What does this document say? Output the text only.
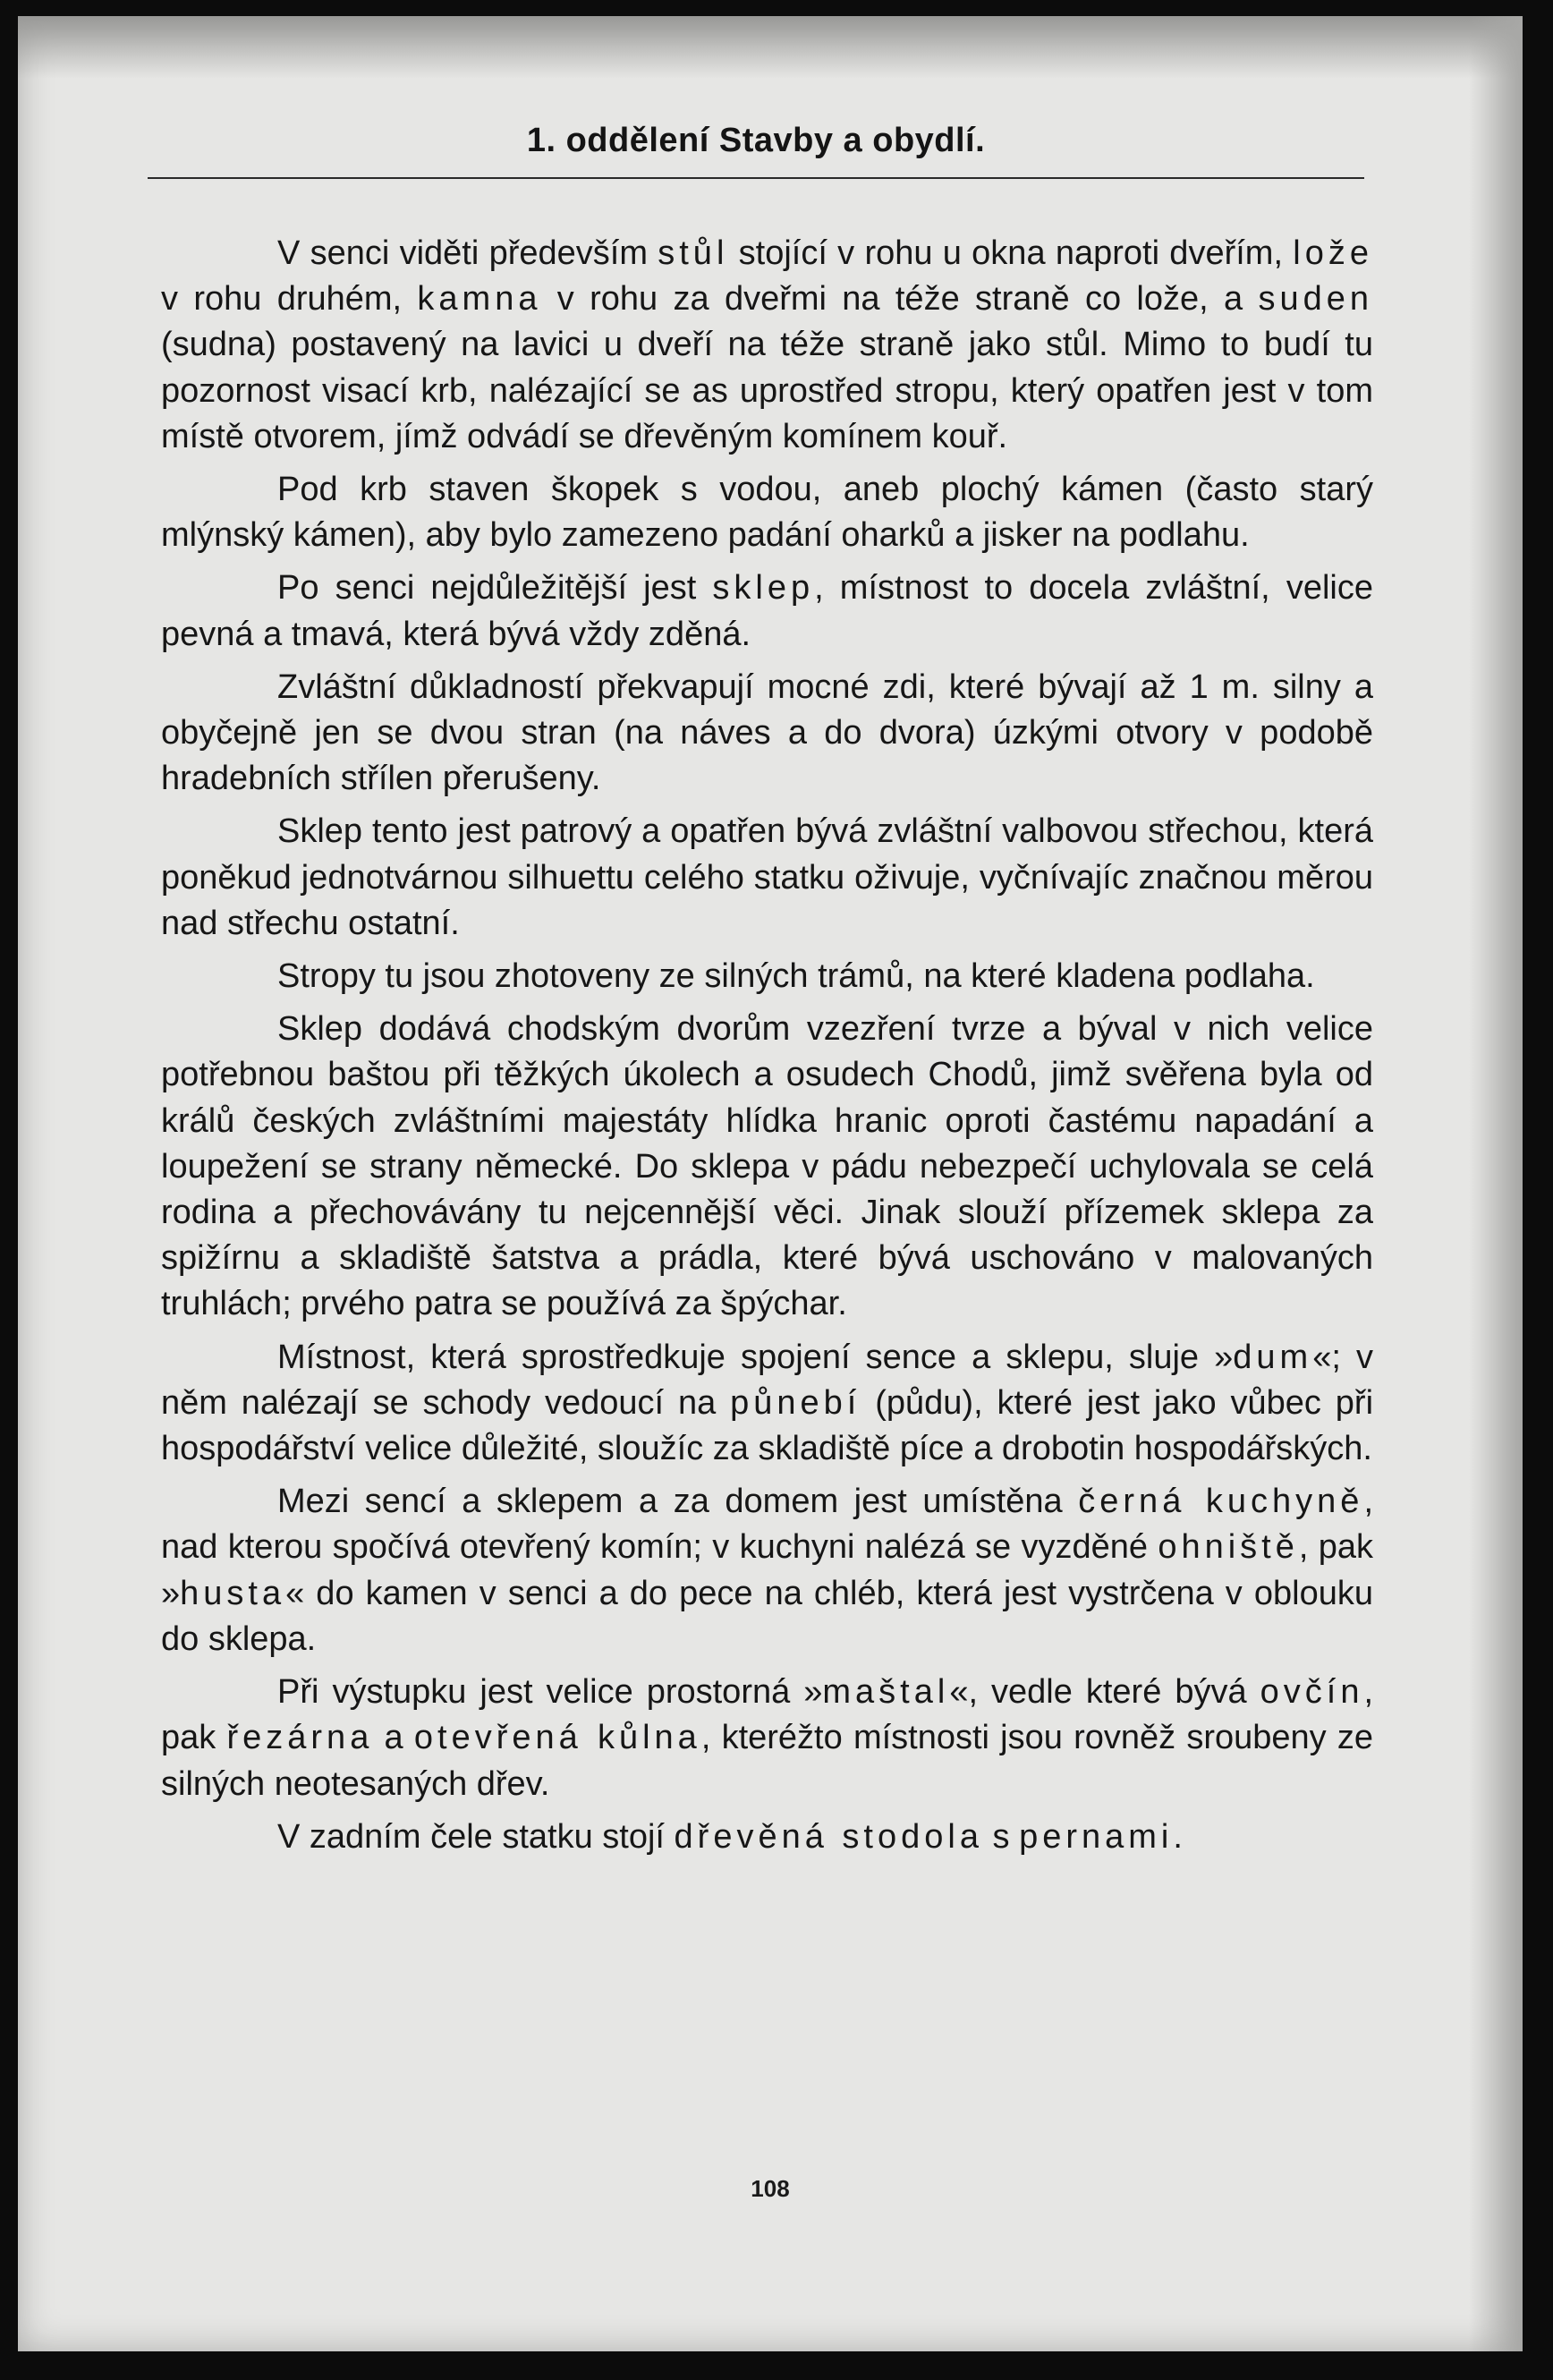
1. oddělení Stavby a obydlí.

V senci viděti především stůl stojící v rohu u okna naproti dveřím, lože v rohu druhém, kamna v rohu za dveřmi na téže straně co lože, a suden (sudna) postavený na lavici u dveří na téže straně jako stůl. Mimo to budí tu pozornost visací krb, nalézající se as uprostřed stropu, který opatřen jest v tom místě otvorem, jímž odvádí se dřevěným komínem kouř.

Pod krb staven škopek s vodou, aneb plochý kámen (často starý mlýnský kámen), aby bylo zamezeno padání oharků a jisker na podlahu.

Po senci nejdůležitější jest sklep, místnost to docela zvláštní, velice pevná a tmavá, která bývá vždy zděná.

Zvláštní důkladností překvapují mocné zdi, které bývají až 1 m. silny a obyčejně jen se dvou stran (na náves a do dvora) úzkými otvory v podobě hradebních střílen přerušeny.

Sklep tento jest patrový a opatřen bývá zvláštní valbovou střechou, která poněkud jednotvárnou silhuettu celého statku oživuje, vyčnívajíc značnou měrou nad střechu ostatní.

Stropy tu jsou zhotoveny ze silných trámů, na které kladena podlaha.

Sklep dodává chodským dvorům vzezření tvrze a býval v nich velice potřebnou baštou při těžkých úkolech a osudech Chodů, jimž svěřena byla od králů českých zvláštními majestáty hlídka hranic oproti častému napadání a loupežení se strany německé. Do sklepa v pádu nebezpečí uchylovala se celá rodina a přechovávány tu nejcennější věci. Jinak slouží přízemek sklepa za spižírnu a skladiště šatstva a prádla, které bývá uschováno v malovaných truhlách; prvého patra se používá za špýchar.

Místnost, která sprostředkuje spojení sence a sklepu, sluje »dum«; v něm nalézají se schody vedoucí na půnebí (půdu), které jest jako vůbec při hospodářství velice důležité, sloužíc za skladiště píce a drobotin hospodářských.

Mezi sencí a sklepem a za domem jest umístěna černá kuchyně, nad kterou spočívá otevřený komín; v kuchyni nalézá se vyzděné ohniště, pak »husta« do kamen v senci a do pece na chléb, která jest vystrčena v oblouku do sklepa.

Při výstupku jest velice prostorná »maštal«, vedle které bývá ovčín, pak řezárna a otevřená kůlna, kteréžto místnosti jsou rovněž sroubeny ze silných neotesaných dřev.

V zadním čele statku stojí dřevěná stodola s pernami.

108
